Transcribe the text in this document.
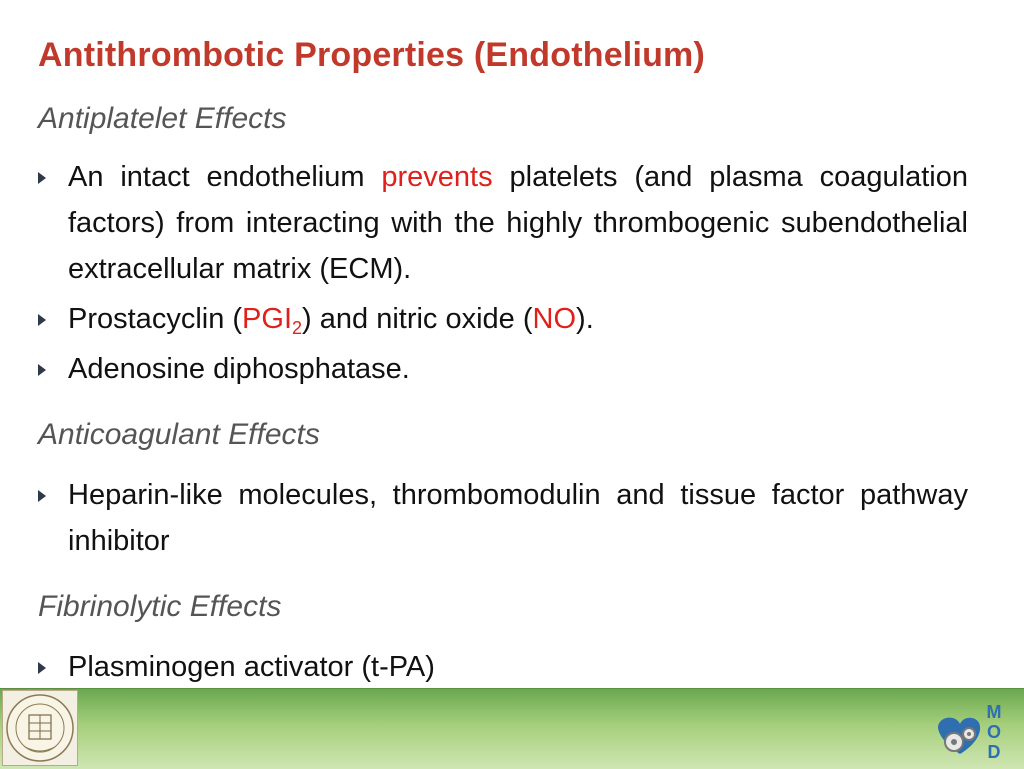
Antithrombotic Properties (Endothelium)
Antiplatelet Effects
An intact endothelium prevents platelets (and plasma coagulation factors) from interacting with the highly thrombogenic subendothelial extracellular matrix (ECM).
Prostacyclin $(PGI_2)$ and nitric oxide (NO).
Adenosine diphosphatase.
Anticoagulant Effects
Heparin-like molecules, thrombomodulin and tissue factor pathway inhibitor
Fibrinolytic Effects
Plasminogen activator (t-PA)
M
O
D
